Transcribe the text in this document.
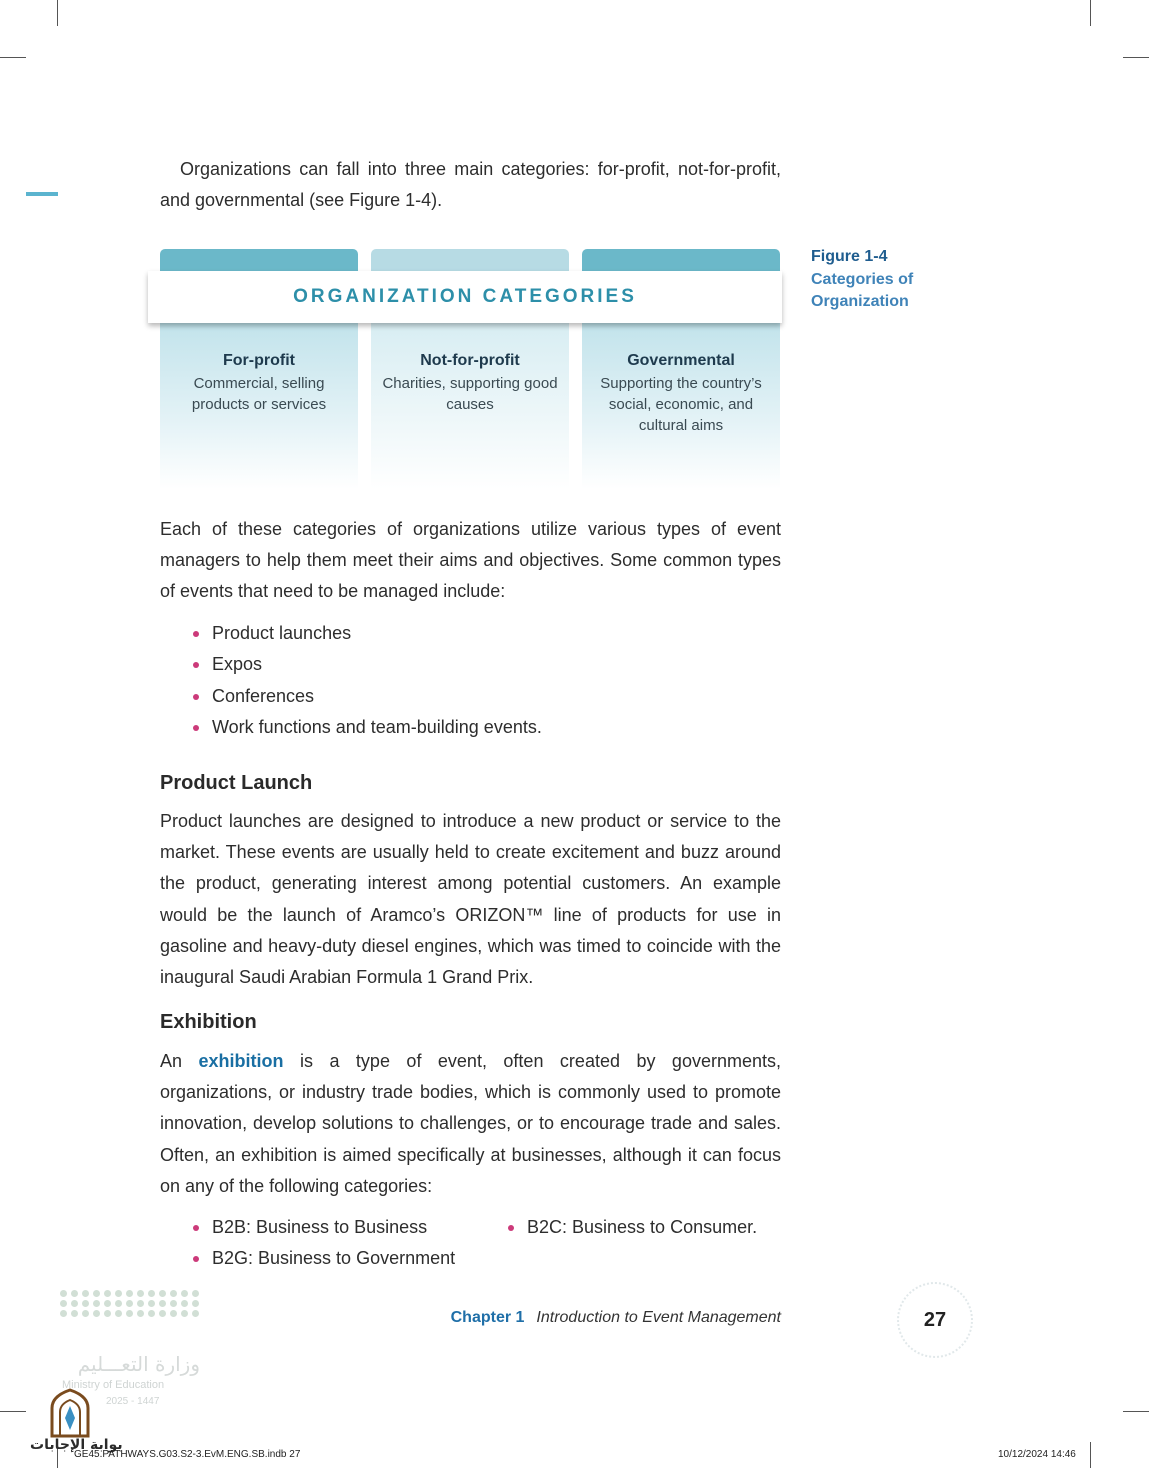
Organizations can fall into three main categories: for-profit, not-for-profit, and governmental (see Figure 1-4).

ORGANIZATION CATEGORIES
For-profit
Commercial, selling products or services
Not-for-profit
Charities, supporting good causes
Governmental
Supporting the country’s social, economic, and cultural aims
Figure 1-4
Categories of Organization

Each of these categories of organizations utilize various types of event managers to help them meet their aims and objectives. Some common types of events that need to be managed include:

Product launches
Expos
Conferences
Work functions and team-building events.
Product Launch

Product launches are designed to introduce a new product or service to the market. These events are usually held to create excitement and buzz around the product, generating interest among potential customers. An example would be the launch of Aramco’s ORIZON™ line of products for use in gasoline and heavy-duty diesel engines, which was timed to coincide with the inaugural Saudi Arabian Formula 1 Grand Prix.

Exhibition

An exhibition is a type of event, often created by governments, organizations, or industry trade bodies, which is commonly used to promote innovation, develop solutions to challenges, or to encourage trade and sales. Often, an exhibition is aimed specifically at businesses, although it can focus on any of the following categories:

B2B: Business to Business
B2G: Business to Government
B2C: Business to Consumer.
Chapter 1 Introduction to Event Management	27
وزارة التعـــليم
Ministry of Education
2025 - 1447
بوابة الإجابات
GE45.PATHWAYS.G03.S2-3.EvM.ENG.SB.indb 27	10/12/2024 14:46
